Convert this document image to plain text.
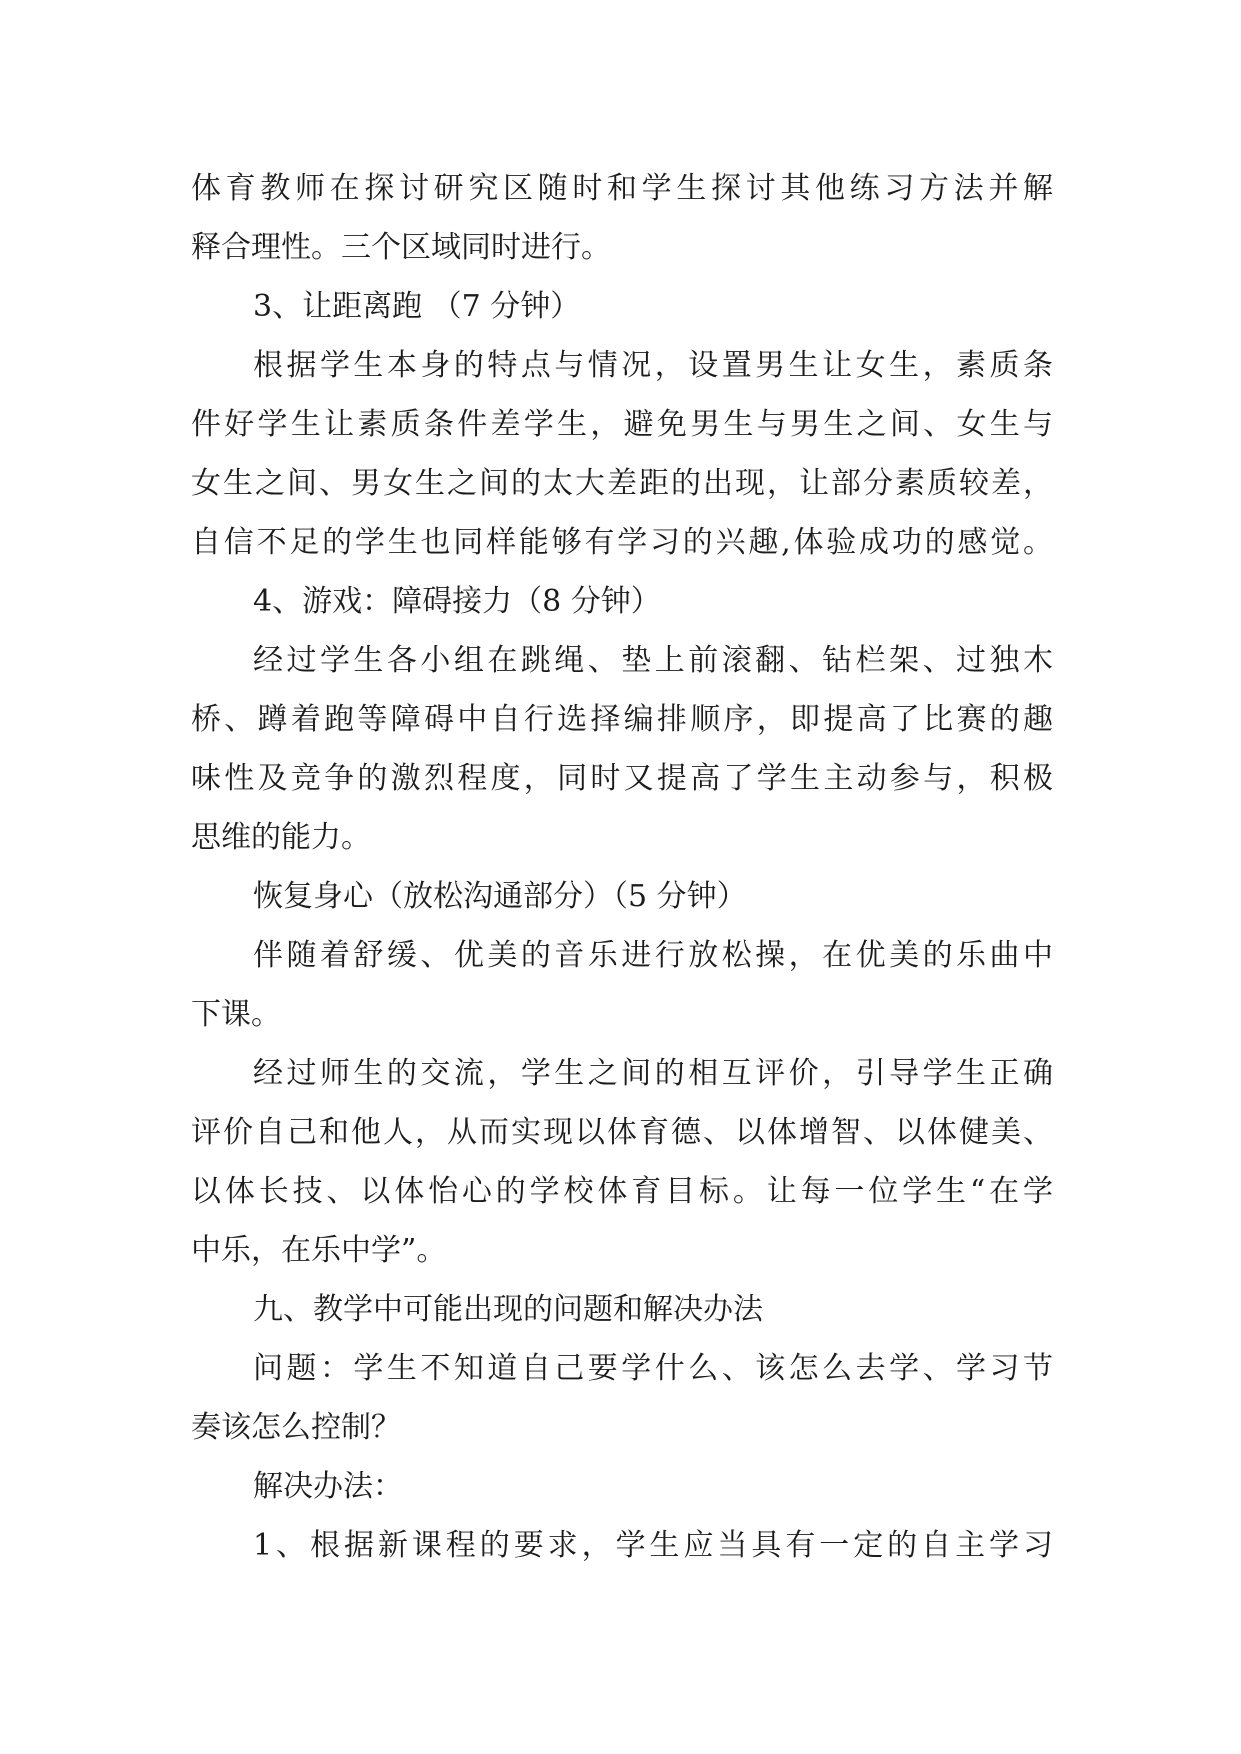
体育教师在探讨研究区随时和学生探讨其他练习方法并解

释合理性。三个区域同时进行。

3、让距离跑 （7 分钟）

根据学生本身的特点与情况，设置男生让女生，素质条

件好学生让素质条件差学生，避免男生与男生之间、女生与

女生之间、男女生之间的太大差距的出现，让部分素质较差，

自信不足的学生也同样能够有学习的兴趣,体验成功的感觉。

4、游戏：障碍接力（8 分钟）

经过学生各小组在跳绳、垫上前滚翻、钻栏架、过独木

桥、蹲着跑等障碍中自行选择编排顺序，即提高了比赛的趣

味性及竞争的激烈程度，同时又提高了学生主动参与，积极

思维的能力。

恢复身心（放松沟通部分）（5 分钟）

伴随着舒缓、优美的音乐进行放松操，在优美的乐曲中

下课。

经过师生的交流，学生之间的相互评价，引导学生正确

评价自己和他人，从而实现以体育德、以体增智、以体健美、

以体长技、以体怡心的学校体育目标。让每一位学生“在学

中乐，在乐中学”。

九、教学中可能出现的问题和解决办法

问题：学生不知道自己要学什么、该怎么去学、学习节

奏该怎么控制？

解决办法：

1、根据新课程的要求，学生应当具有一定的自主学习
